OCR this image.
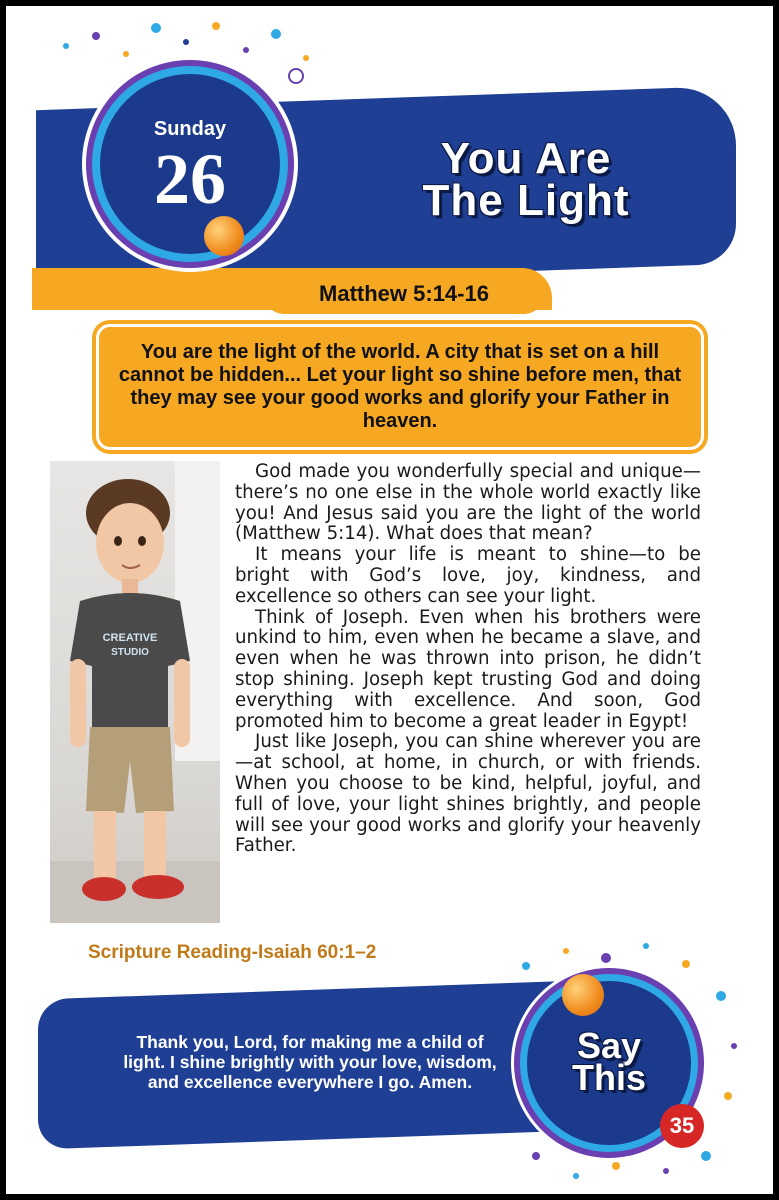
Matthew 5:14-16
Sunday
26	You Are
The Light
You are the light of the world. A city that is set on a hill cannot be hidden... Let your light so shine before men, that they may see your good works and glorify your Father in heaven.
CREATIVE
STUDIO

God made you wonderfully special and unique—there’s no one else in the whole world exactly like you! And Jesus said you are the light of the world (Matthew 5:14). What does that mean?

It means your life is meant to shine—to be bright with God’s love, joy, kindness, and excellence so others can see your light.

Think of Joseph. Even when his brothers were unkind to him, even when he became a slave, and even when he was thrown into prison, he didn’t stop shining. Joseph kept trusting God and doing everything with excellence. And soon, God promoted him to become a great leader in Egypt!

Just like Joseph, you can shine wherever you are—at school, at home, in church, or with friends. When you choose to be kind, helpful, joyful, and full of love, your light shines brightly, and people will see your good works and glorify your heavenly Father.

Scripture Reading-Isaiah 60:1–2
Thank you, Lord, for making me a child of light. I shine brightly with your love, wisdom, and excellence everywhere I go. Amen.
Say
This
35
